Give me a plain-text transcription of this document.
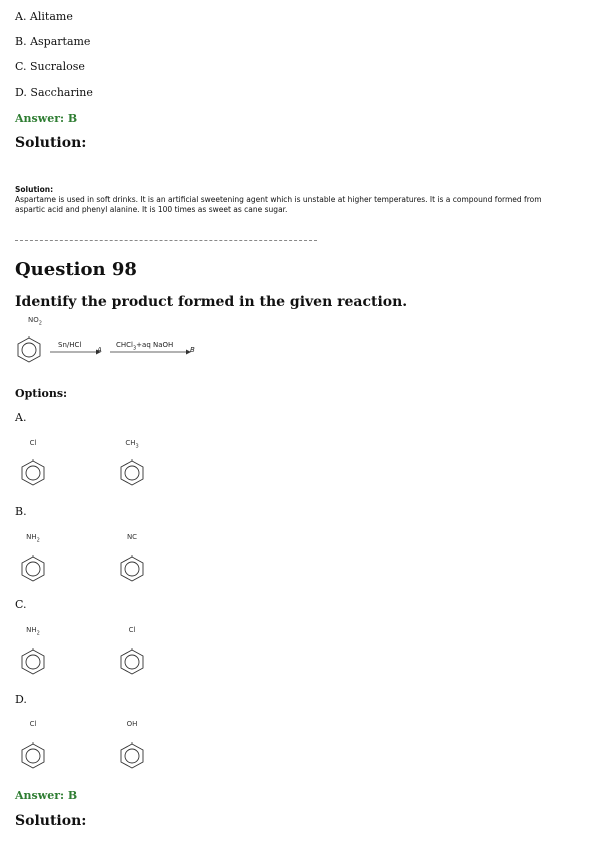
A. Alitame
B. Aspartame
C. Sucralose
D. Saccharine
Answer: B
Solution:
Solution:
Aspartame is used in soft drinks. It is an artificial sweetening agent which is unstable at higher temperatures. It is a compound formed from aspartic acid and phenyl alanine. It is 100 times as sweet as cane sugar.
Question 98
Identify the product formed in the given reaction.
$NO_2$
Sn/HCl
A
CHCl$_3$+aq NaOH
B
Options:
A.
Cl	$CH_3$
B.
$NH_2$	NC
C.
$NH_2$	Cl
D.
Cl	OH
Answer: B
Solution:
